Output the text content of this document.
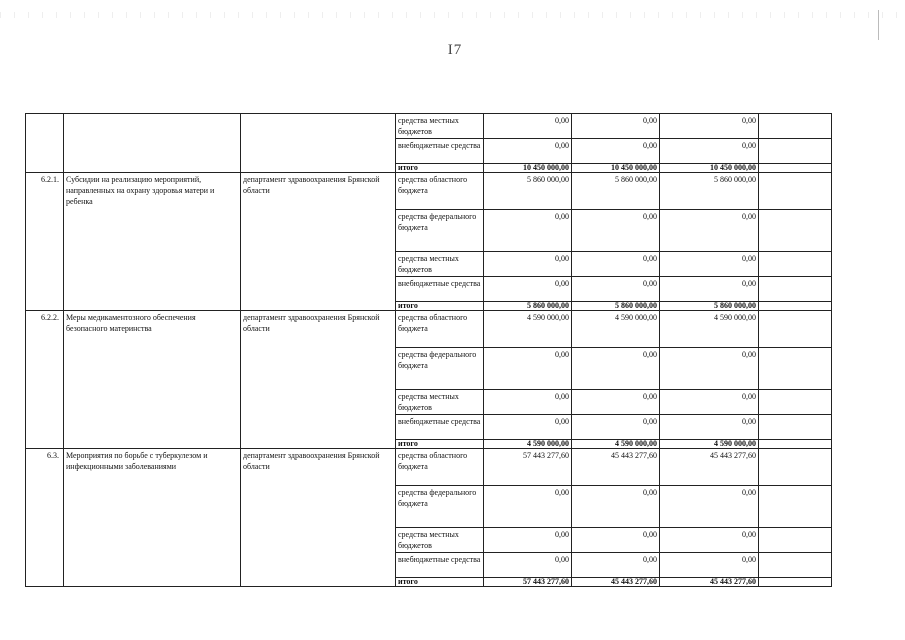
I7
			средства местных бюджетов	0,00	0,00	0,00	
			внебюджетные средства	0,00	0,00	0,00	
			итого	10 450 000,00	10 450 000,00	10 450 000,00	
6.2.1.	Субсидии на реализацию мероприятий, направленных на охрану здоровья матери и ребенка	департамент здравоохранения Брянской области	средства областного бюджета	5 860 000,00	5 860 000,00	5 860 000,00	
			средства федерального бюджета	0,00	0,00	0,00	
			средства местных бюджетов	0,00	0,00	0,00	
			внебюджетные средства	0,00	0,00	0,00	
			итого	5 860 000,00	5 860 000,00	5 860 000,00	
6.2.2.	Меры медикаментозного обеспечения безопасного материнства	департамент здравоохранения Брянской области	средства областного бюджета	4 590 000,00	4 590 000,00	4 590 000,00	
			средства федерального бюджета	0,00	0,00	0,00	
			средства местных бюджетов	0,00	0,00	0,00	
			внебюджетные средства	0,00	0,00	0,00	
			итого	4 590 000,00	4 590 000,00	4 590 000,00	
6.3.	Мероприятия по борьбе с туберкулезом и инфекционными заболеваниями	департамент здравоохранения Брянской области	средства областного бюджета	57 443 277,60	45 443 277,60	45 443 277,60	
			средства федерального бюджета	0,00	0,00	0,00	
			средства местных бюджетов	0,00	0,00	0,00	
			внебюджетные средства	0,00	0,00	0,00	
			итого	57 443 277,60	45 443 277,60	45 443 277,60	
